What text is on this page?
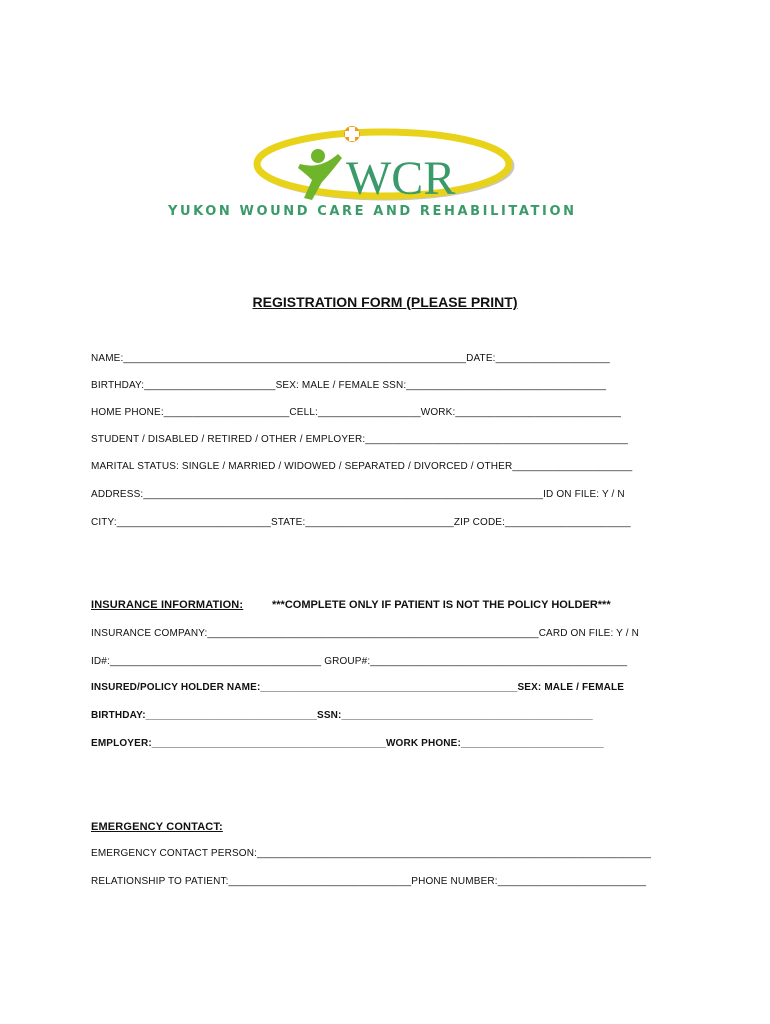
WCR
YUKON WOUND CARE AND REHABILITATION
REGISTRATION FORM (PLEASE PRINT)
NAME:____________________________________________________________DATE:____________________
BIRTHDAY:_______________________SEX: MALE / FEMALE SSN:___________________________________
HOME PHONE:______________________CELL:__________________WORK:_____________________________
STUDENT / DISABLED / RETIRED / OTHER / EMPLOYER:______________________________________________
MARITAL STATUS: SINGLE / MARRIED / WIDOWED / SEPARATED / DIVORCED / OTHER_____________________
ADDRESS:______________________________________________________________________ID ON FILE: Y / N
CITY:___________________________STATE:__________________________ZIP CODE:______________________
INSURANCE INFORMATION:	***COMPLETE ONLY IF PATIENT IS NOT THE POLICY HOLDER***
INSURANCE COMPANY:__________________________________________________________CARD ON FILE: Y / N
ID#:_____________________________________ GROUP#:_____________________________________________
INSURED/POLICY HOLDER NAME:_____________________________________________SEX: MALE / FEMALE
BIRTHDAY:______________________________SSN:____________________________________________
EMPLOYER:_________________________________________WORK PHONE:_________________________
EMERGENCY CONTACT:
EMERGENCY CONTACT PERSON:_____________________________________________________________________
RELATIONSHIP TO PATIENT:________________________________PHONE NUMBER:__________________________
